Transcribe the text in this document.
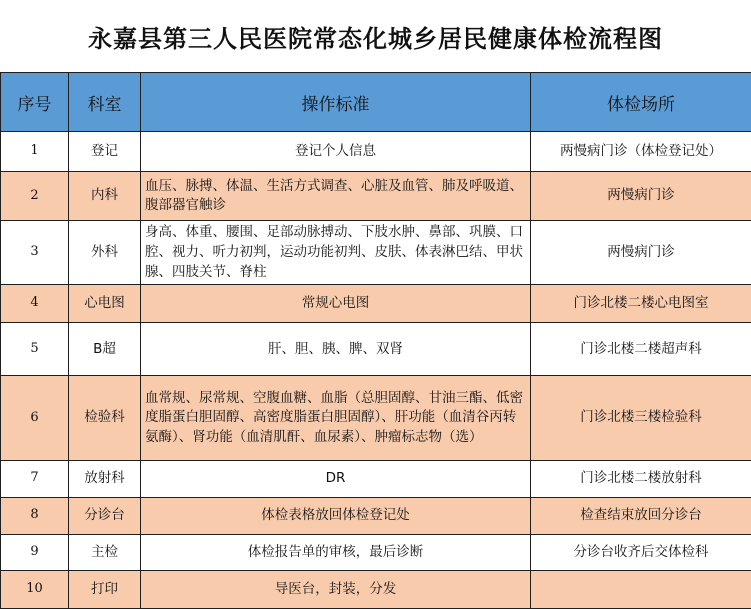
永嘉县第三人民医院常态化城乡居民健康体检流程图
序号	科室	操作标准	体检场所
1	登记	登记个人信息	两慢病门诊（体检登记处）
2	内科	血压、脉搏、体温、生活方式调查、心脏及血管、肺及呼吸道、腹部器官触诊	两慢病门诊
3	外科	身高、体重、腰围、足部动脉搏动、下肢水肿、鼻部、巩膜、口腔、视力、听力初判，运动功能初判、皮肤、体表淋巴结、甲状腺、四肢关节、脊柱	两慢病门诊
4	心电图	常规心电图	门诊北楼二楼心电图室
5	B超	肝、胆、胰、脾、双肾	门诊北楼二楼超声科
6	检验科	血常规、尿常规、空腹血糖、血脂（总胆固醇、甘油三酯、低密度脂蛋白胆固醇、高密度脂蛋白胆固醇）、肝功能（血清谷丙转氨酶）、肾功能（血清肌酐、血尿素）、肿瘤标志物（选）	门诊北楼三楼检验科
7	放射科	DR	门诊北楼二楼放射科
8	分诊台	体检表格放回体检登记处	检查结束放回分诊台
9	主检	体检报告单的审核，最后诊断	分诊台收齐后交体检科
10	打印	导医台，封装，分发	
